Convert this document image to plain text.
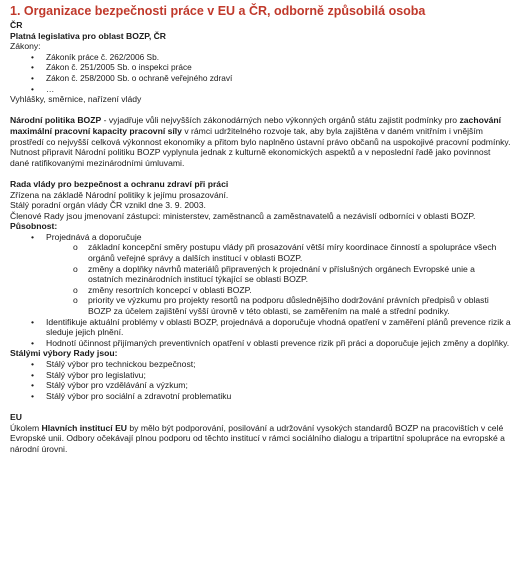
1. Organizace bezpečnosti práce v EU a ČR, odborně způsobilá osoba
ČR
Platná legislativa pro oblast BOZP, ČR
Zákony:
• Zákoník práce č. 262/2006 Sb.
• Zákon č. 251/2005 Sb. o inspekci práce
• Zákon č. 258/2000 Sb. o ochraně veřejného zdraví
• …
Vyhlášky, směrnice, nařízení vlády

Národní politika BOZP - vyjadřuje vůli nejvyšších zákonodárných nebo výkonných orgánů státu zajistit podmínky pro zachování maximální pracovní kapacity pracovní síly v rámci udržitelného rozvoje tak, aby byla zajištěna v daném vnitřním i vnějším prostředí co nejvyšší celková výkonnost ekonomiky a přitom bylo naplněno ústavní právo občanů na uspokojivé pracovní podmínky. Nutnost připravit Národní politiku BOZP vyplynula jednak z kulturně ekonomických aspektů a v neposlední řadě jako povinnost dané ratifikovanými mezinárodními úmluvami.

Rada vlády pro bezpečnost a ochranu zdraví při práci
Zřízena na základě Národní politiky k jejímu prosazování.
Stálý poradní orgán vlády ČR vznikl dne 3. 9. 2003.
Členové Rady jsou jmenovaní zástupci: ministerstev, zaměstnanců a zaměstnavatelů a nezávislí odborníci v oblasti BOZP.
Působnost:
• Projednává a doporučuje
o základní koncepční směry postupu vlády při prosazování větší míry koordinace činností a spolupráce všech orgánů veřejné správy a dalších institucí v oblasti BOZP.
o změny a doplňky návrhů materiálů připravených k projednání v příslušných orgánech Evropské unie a ostatních mezinárodních institucí týkající se oblasti BOZP.
o změny resortních koncepcí v oblasti BOZP.
o priority ve výzkumu pro projekty resortů na podporu důslednějšího dodržování právních předpisů v oblasti BOZP za účelem zajištění vyšší úrovně v této oblasti, se zaměřením na malé a střední podniky.
• Identifikuje aktuální problémy v oblasti BOZP, projednává a doporučuje vhodná opatření v zaměření plánů prevence rizik a sleduje jejich plnění.
• Hodnotí účinnost přijímaných preventivních opatření v oblasti prevence rizik při práci a doporučuje jejich změny a doplňky.
Stálými výbory Rady jsou:
• Stálý výbor pro technickou bezpečnost;
• Stálý výbor pro legislativu;
• Stálý výbor pro vzdělávání a výzkum;
• Stálý výbor pro sociální a zdravotní problematiku
EU

Úkolem Hlavních institucí EU by mělo být podporování, posilování a udržování vysokých standardů BOZP na pracovištích v celé Evropské unii. Odbory očekávají plnou podporu od těchto institucí v rámci sociálního dialogu a tripartitní spolupráce na evropské a národní úrovni.
